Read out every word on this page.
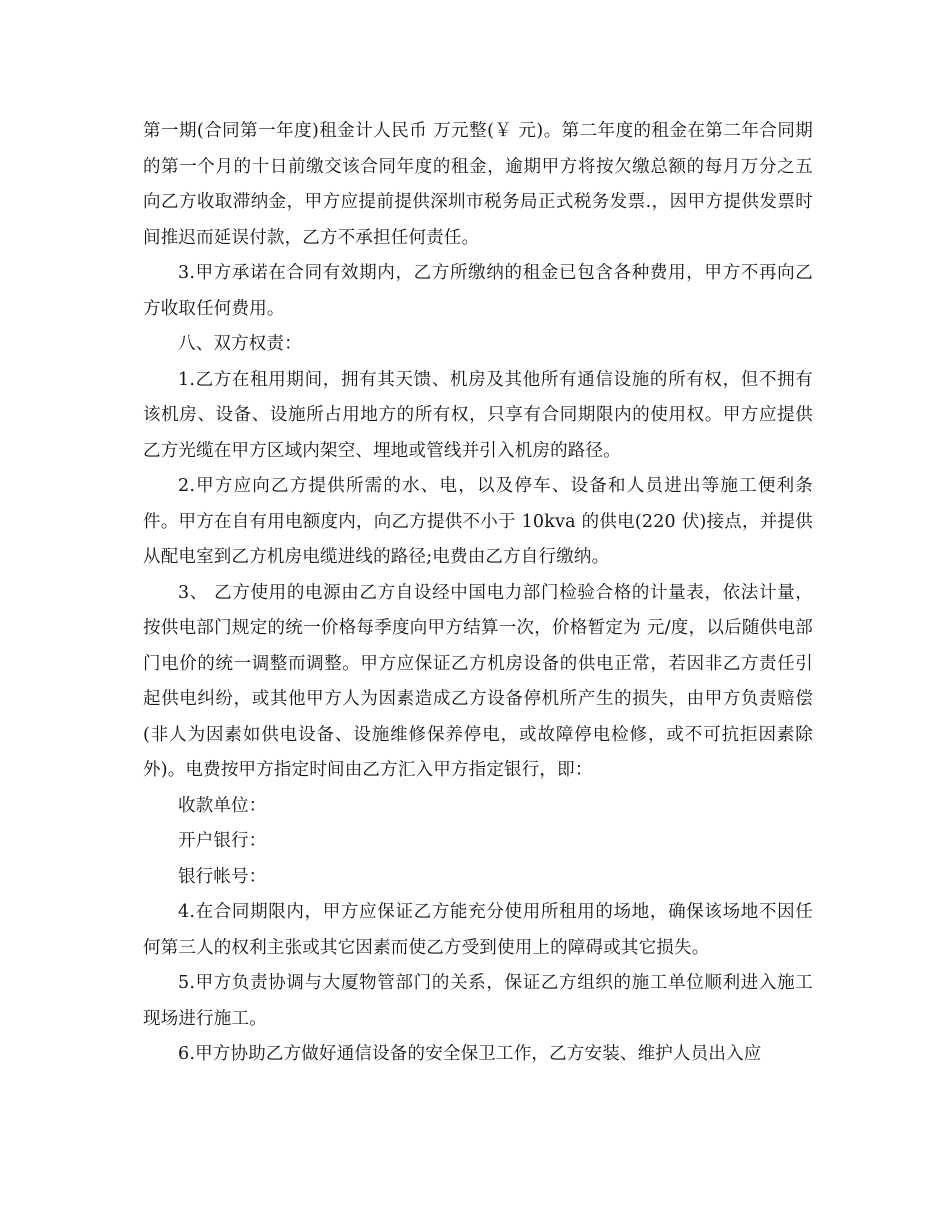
第一期(合同第一年度)租金计人民币 万元整(￥ 元)。第二年度的租金在第二年合同期的第一个月的十日前缴交该合同年度的租金，逾期甲方将按欠缴总额的每月万分之五向乙方收取滞纳金，甲方应提前提供深圳市税务局正式税务发票.，因甲方提供发票时间推迟而延误付款，乙方不承担任何责任。

3.甲方承诺在合同有效期内，乙方所缴纳的租金已包含各种费用，甲方不再向乙方收取任何费用。

八、双方权责：

1.乙方在租用期间，拥有其天馈、机房及其他所有通信设施的所有权，但不拥有该机房、设备、设施所占用地方的所有权，只享有合同期限内的使用权。甲方应提供乙方光缆在甲方区域内架空、埋地或管线并引入机房的路径。

2.甲方应向乙方提供所需的水、电，以及停车、设备和人员进出等施工便利条件。甲方在自有用电额度内，向乙方提供不小于 10kva 的供电(220 伏)接点，并提供从配电室到乙方机房电缆进线的路径;电费由乙方自行缴纳。

3、 乙方使用的电源由乙方自设经中国电力部门检验合格的计量表，依法计量，按供电部门规定的统一价格每季度向甲方结算一次，价格暂定为 元/度，以后随供电部门电价的统一调整而调整。甲方应保证乙方机房设备的供电正常，若因非乙方责任引起供电纠纷，或其他甲方人为因素造成乙方设备停机所产生的损失，由甲方负责赔偿(非人为因素如供电设备、设施维修保养停电，或故障停电检修，或不可抗拒因素除外)。电费按甲方指定时间由乙方汇入甲方指定银行，即：

收款单位：

开户银行：

银行帐号：

4.在合同期限内，甲方应保证乙方能充分使用所租用的场地，确保该场地不因任何第三人的权利主张或其它因素而使乙方受到使用上的障碍或其它损失。

5.甲方负责协调与大厦物管部门的关系，保证乙方组织的施工单位顺利进入施工现场进行施工。

6.甲方协助乙方做好通信设备的安全保卫工作，乙方安装、维护人员出入应
